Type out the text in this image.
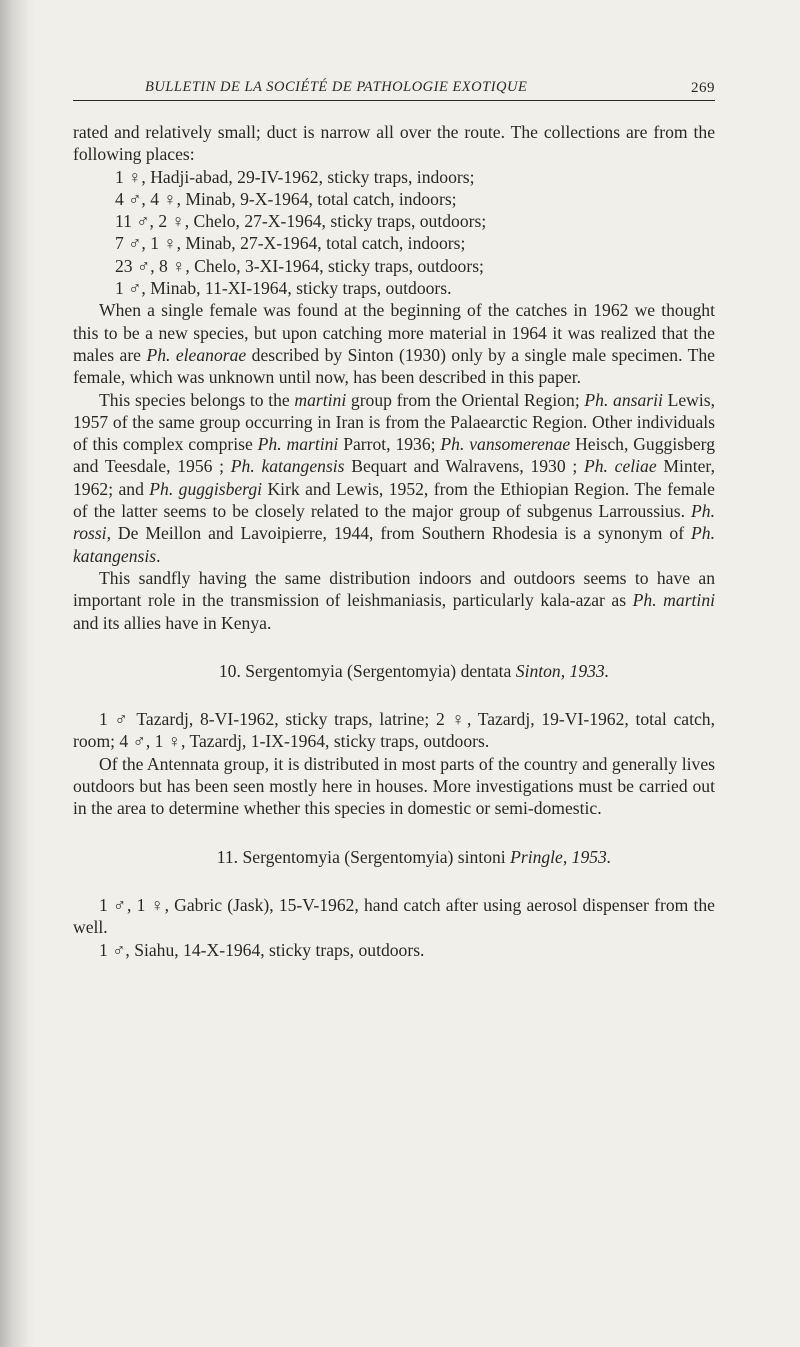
BULLETIN DE LA SOCIÉTÉ DE PATHOLOGIE EXOTIQUE	269

rated and relatively small; duct is narrow all over the route. The collections are from the following places:

1 ♀, Hadji-abad, 29-IV-1962, sticky traps, indoors;

4 ♂, 4 ♀, Minab, 9-X-1964, total catch, indoors;

11 ♂, 2 ♀, Chelo, 27-X-1964, sticky traps, outdoors;

7 ♂, 1 ♀, Minab, 27-X-1964, total catch, indoors;

23 ♂, 8 ♀, Chelo, 3-XI-1964, sticky traps, outdoors;

1 ♂, Minab, 11-XI-1964, sticky traps, outdoors.

When a single female was found at the beginning of the catches in 1962 we thought this to be a new species, but upon catching more material in 1964 it was realized that the males are Ph. eleanorae described by Sinton (1930) only by a single male specimen. The female, which was unknown until now, has been described in this paper.

This species belongs to the martini group from the Oriental Region; Ph. ansarii Lewis, 1957 of the same group occurring in Iran is from the Palaearctic Region. Other individuals of this complex comprise Ph. martini Parrot, 1936; Ph. vansomerenae Heisch, Guggisberg and Teesdale, 1956 ; Ph. katangensis Bequart and Walravens, 1930 ; Ph. celiae Minter, 1962; and Ph. guggisbergi Kirk and Lewis, 1952, from the Ethiopian Region. The female of the latter seems to be closely related to the major group of subgenus Larroussius. Ph. rossi, De Meillon and Lavoipierre, 1944, from Southern Rhodesia is a synonym of Ph. katangensis.

This sandfly having the same distribution indoors and outdoors seems to have an important role in the transmission of leishmaniasis, particularly kala-azar as Ph. martini and its allies have in Kenya.

10. Sergentomyia (Sergentomyia) dentata Sinton, 1933.

1 ♂ Tazardj, 8-VI-1962, sticky traps, latrine; 2 ♀, Tazardj, 19-VI-1962, total catch, room; 4 ♂, 1 ♀, Tazardj, 1-IX-1964, sticky traps, outdoors.

Of the Antennata group, it is distributed in most parts of the country and generally lives outdoors but has been seen mostly here in houses. More investigations must be carried out in the area to determine whether this species in domestic or semi-domestic.

11. Sergentomyia (Sergentomyia) sintoni Pringle, 1953.

1 ♂, 1 ♀, Gabric (Jask), 15-V-1962, hand catch after using aerosol dispenser from the well.

1 ♂, Siahu, 14-X-1964, sticky traps, outdoors.
